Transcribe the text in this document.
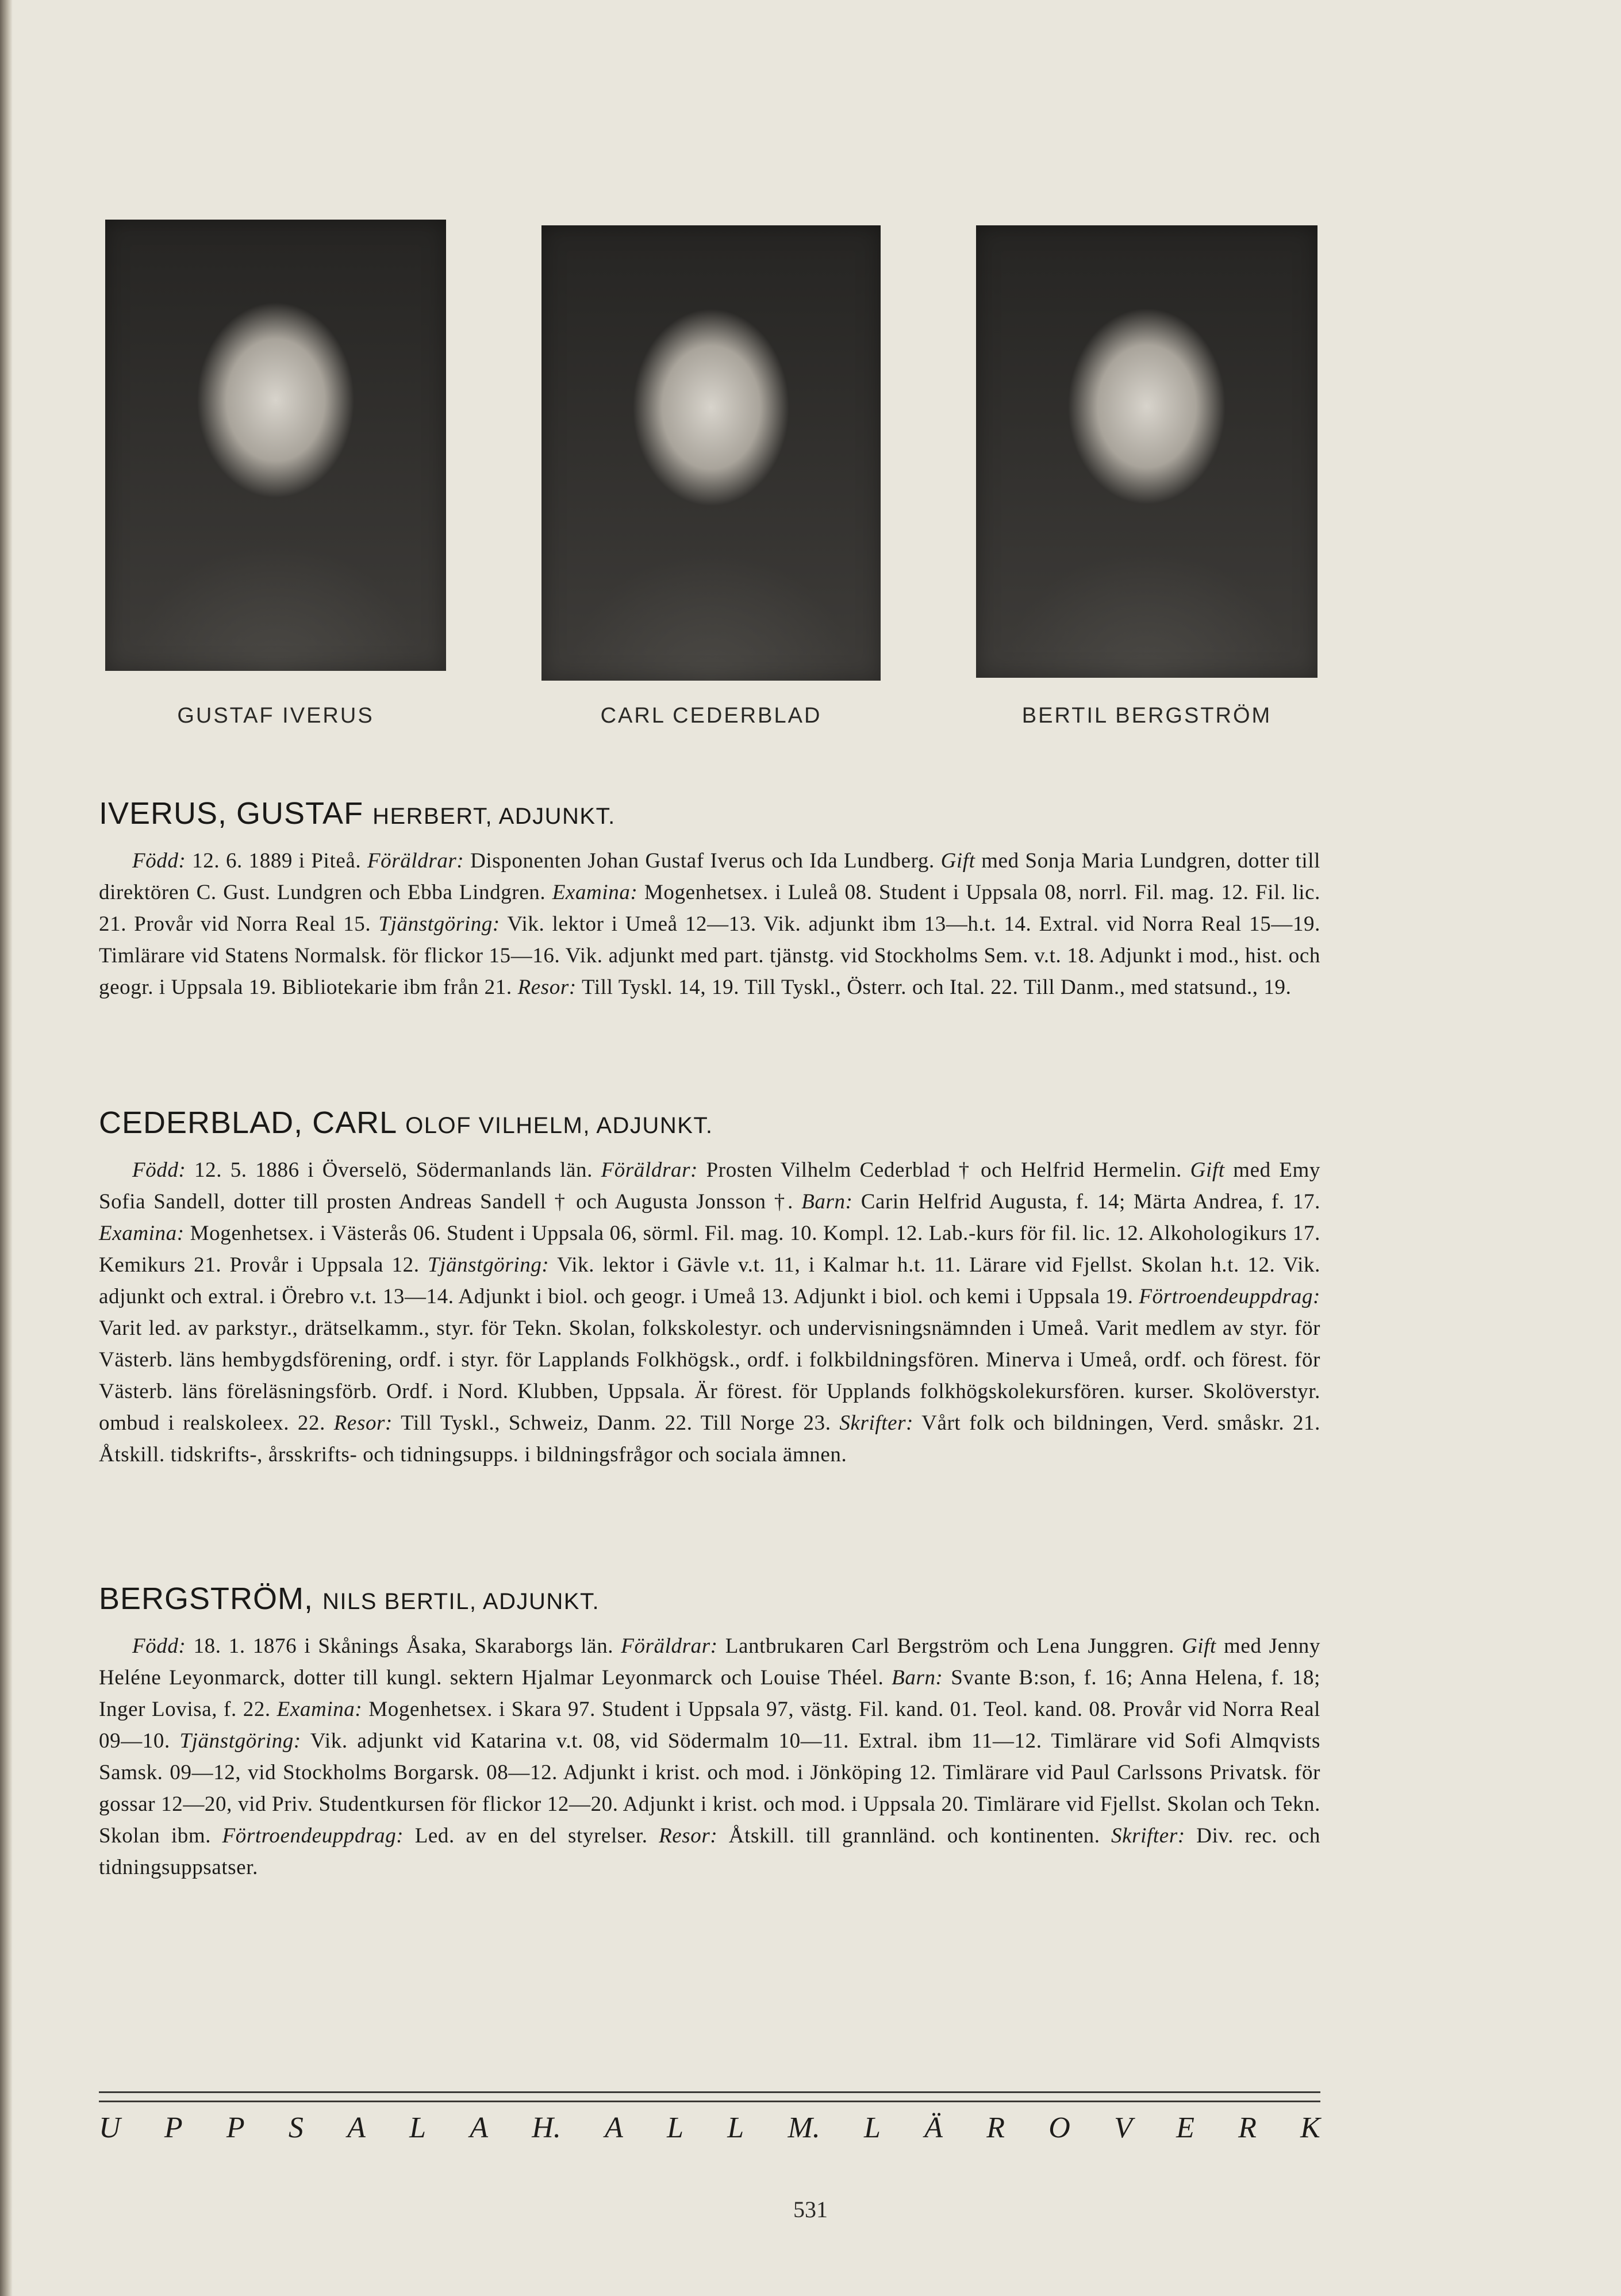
GUSTAF IVERUS	CARL CEDERBLAD	BERTIL BERGSTRÖM
IVERUS, GUSTAF HERBERT, ADJUNKT.

Född: 12. 6. 1889 i Piteå. Föräldrar: Disponenten Johan Gustaf Iverus och Ida Lundberg. Gift med Sonja Maria Lundgren, dotter till direktören C. Gust. Lundgren och Ebba Lindgren. Examina: Mogenhetsex. i Luleå 08. Student i Uppsala 08, norrl. Fil. mag. 12. Fil. lic. 21. Provår vid Norra Real 15. Tjänstgöring: Vik. lektor i Umeå 12—13. Vik. adjunkt ibm 13—h.t. 14. Extral. vid Norra Real 15—19. Timlärare vid Statens Normalsk. för flickor 15—16. Vik. adjunkt med part. tjänstg. vid Stockholms Sem. v.t. 18. Adjunkt i mod., hist. och geogr. i Uppsala 19. Bibliotekarie ibm från 21. Resor: Till Tyskl. 14, 19. Till Tyskl., Österr. och Ital. 22. Till Danm., med statsund., 19.

CEDERBLAD, CARL OLOF VILHELM, ADJUNKT.

Född: 12. 5. 1886 i Överselö, Södermanlands län. Föräldrar: Prosten Vilhelm Cederblad † och Helfrid Hermelin. Gift med Emy Sofia Sandell, dotter till prosten Andreas Sandell † och Augusta Jonsson †. Barn: Carin Helfrid Augusta, f. 14; Märta Andrea, f. 17. Examina: Mogenhetsex. i Västerås 06. Student i Uppsala 06, sörml. Fil. mag. 10. Kompl. 12. Lab.-kurs för fil. lic. 12. Alkohologikurs 17. Kemikurs 21. Provår i Uppsala 12. Tjänstgöring: Vik. lektor i Gävle v.t. 11, i Kalmar h.t. 11. Lärare vid Fjellst. Skolan h.t. 12. Vik. adjunkt och extral. i Örebro v.t. 13—14. Adjunkt i biol. och geogr. i Umeå 13. Adjunkt i biol. och kemi i Uppsala 19. Förtroendeuppdrag: Varit led. av parkstyr., drätselkamm., styr. för Tekn. Skolan, folkskolestyr. och undervisningsnämnden i Umeå. Varit medlem av styr. för Västerb. läns hembygdsförening, ordf. i styr. för Lapplands Folkhögsk., ordf. i folkbildningsfören. Minerva i Umeå, ordf. och förest. för Västerb. läns föreläsningsförb. Ordf. i Nord. Klubben, Uppsala. Är förest. för Upplands folkhögskolekursfören. kurser. Skolöverstyr. ombud i realskoleex. 22. Resor: Till Tyskl., Schweiz, Danm. 22. Till Norge 23. Skrifter: Vårt folk och bildningen, Verd. småskr. 21. Åtskill. tidskrifts-, årsskrifts- och tidningsupps. i bildningsfrågor och sociala ämnen.

BERGSTRÖM, NILS BERTIL, ADJUNKT.

Född: 18. 1. 1876 i Skånings Åsaka, Skaraborgs län. Föräldrar: Lantbrukaren Carl Bergström och Lena Junggren. Gift med Jenny Heléne Leyonmarck, dotter till kungl. sektern Hjalmar Leyonmarck och Louise Théel. Barn: Svante B:son, f. 16; Anna Helena, f. 18; Inger Lovisa, f. 22. Examina: Mogenhetsex. i Skara 97. Student i Uppsala 97, västg. Fil. kand. 01. Teol. kand. 08. Provår vid Norra Real 09—10. Tjänstgöring: Vik. adjunkt vid Katarina v.t. 08, vid Södermalm 10—11. Extral. ibm 11—12. Timlärare vid Sofi Almqvists Samsk. 09—12, vid Stockholms Borgarsk. 08—12. Adjunkt i krist. och mod. i Jönköping 12. Timlärare vid Paul Carlssons Privatsk. för gossar 12—20, vid Priv. Studentkursen för flickor 12—20. Adjunkt i krist. och mod. i Uppsala 20. Timlärare vid Fjellst. Skolan och Tekn. Skolan ibm. Förtroendeuppdrag: Led. av en del styrelser. Resor: Åtskill. till grannländ. och kontinenten. Skrifter: Div. rec. och tidningsuppsatser.

U P P S A L A H. A L L M. L Ä R O V E R K
531
